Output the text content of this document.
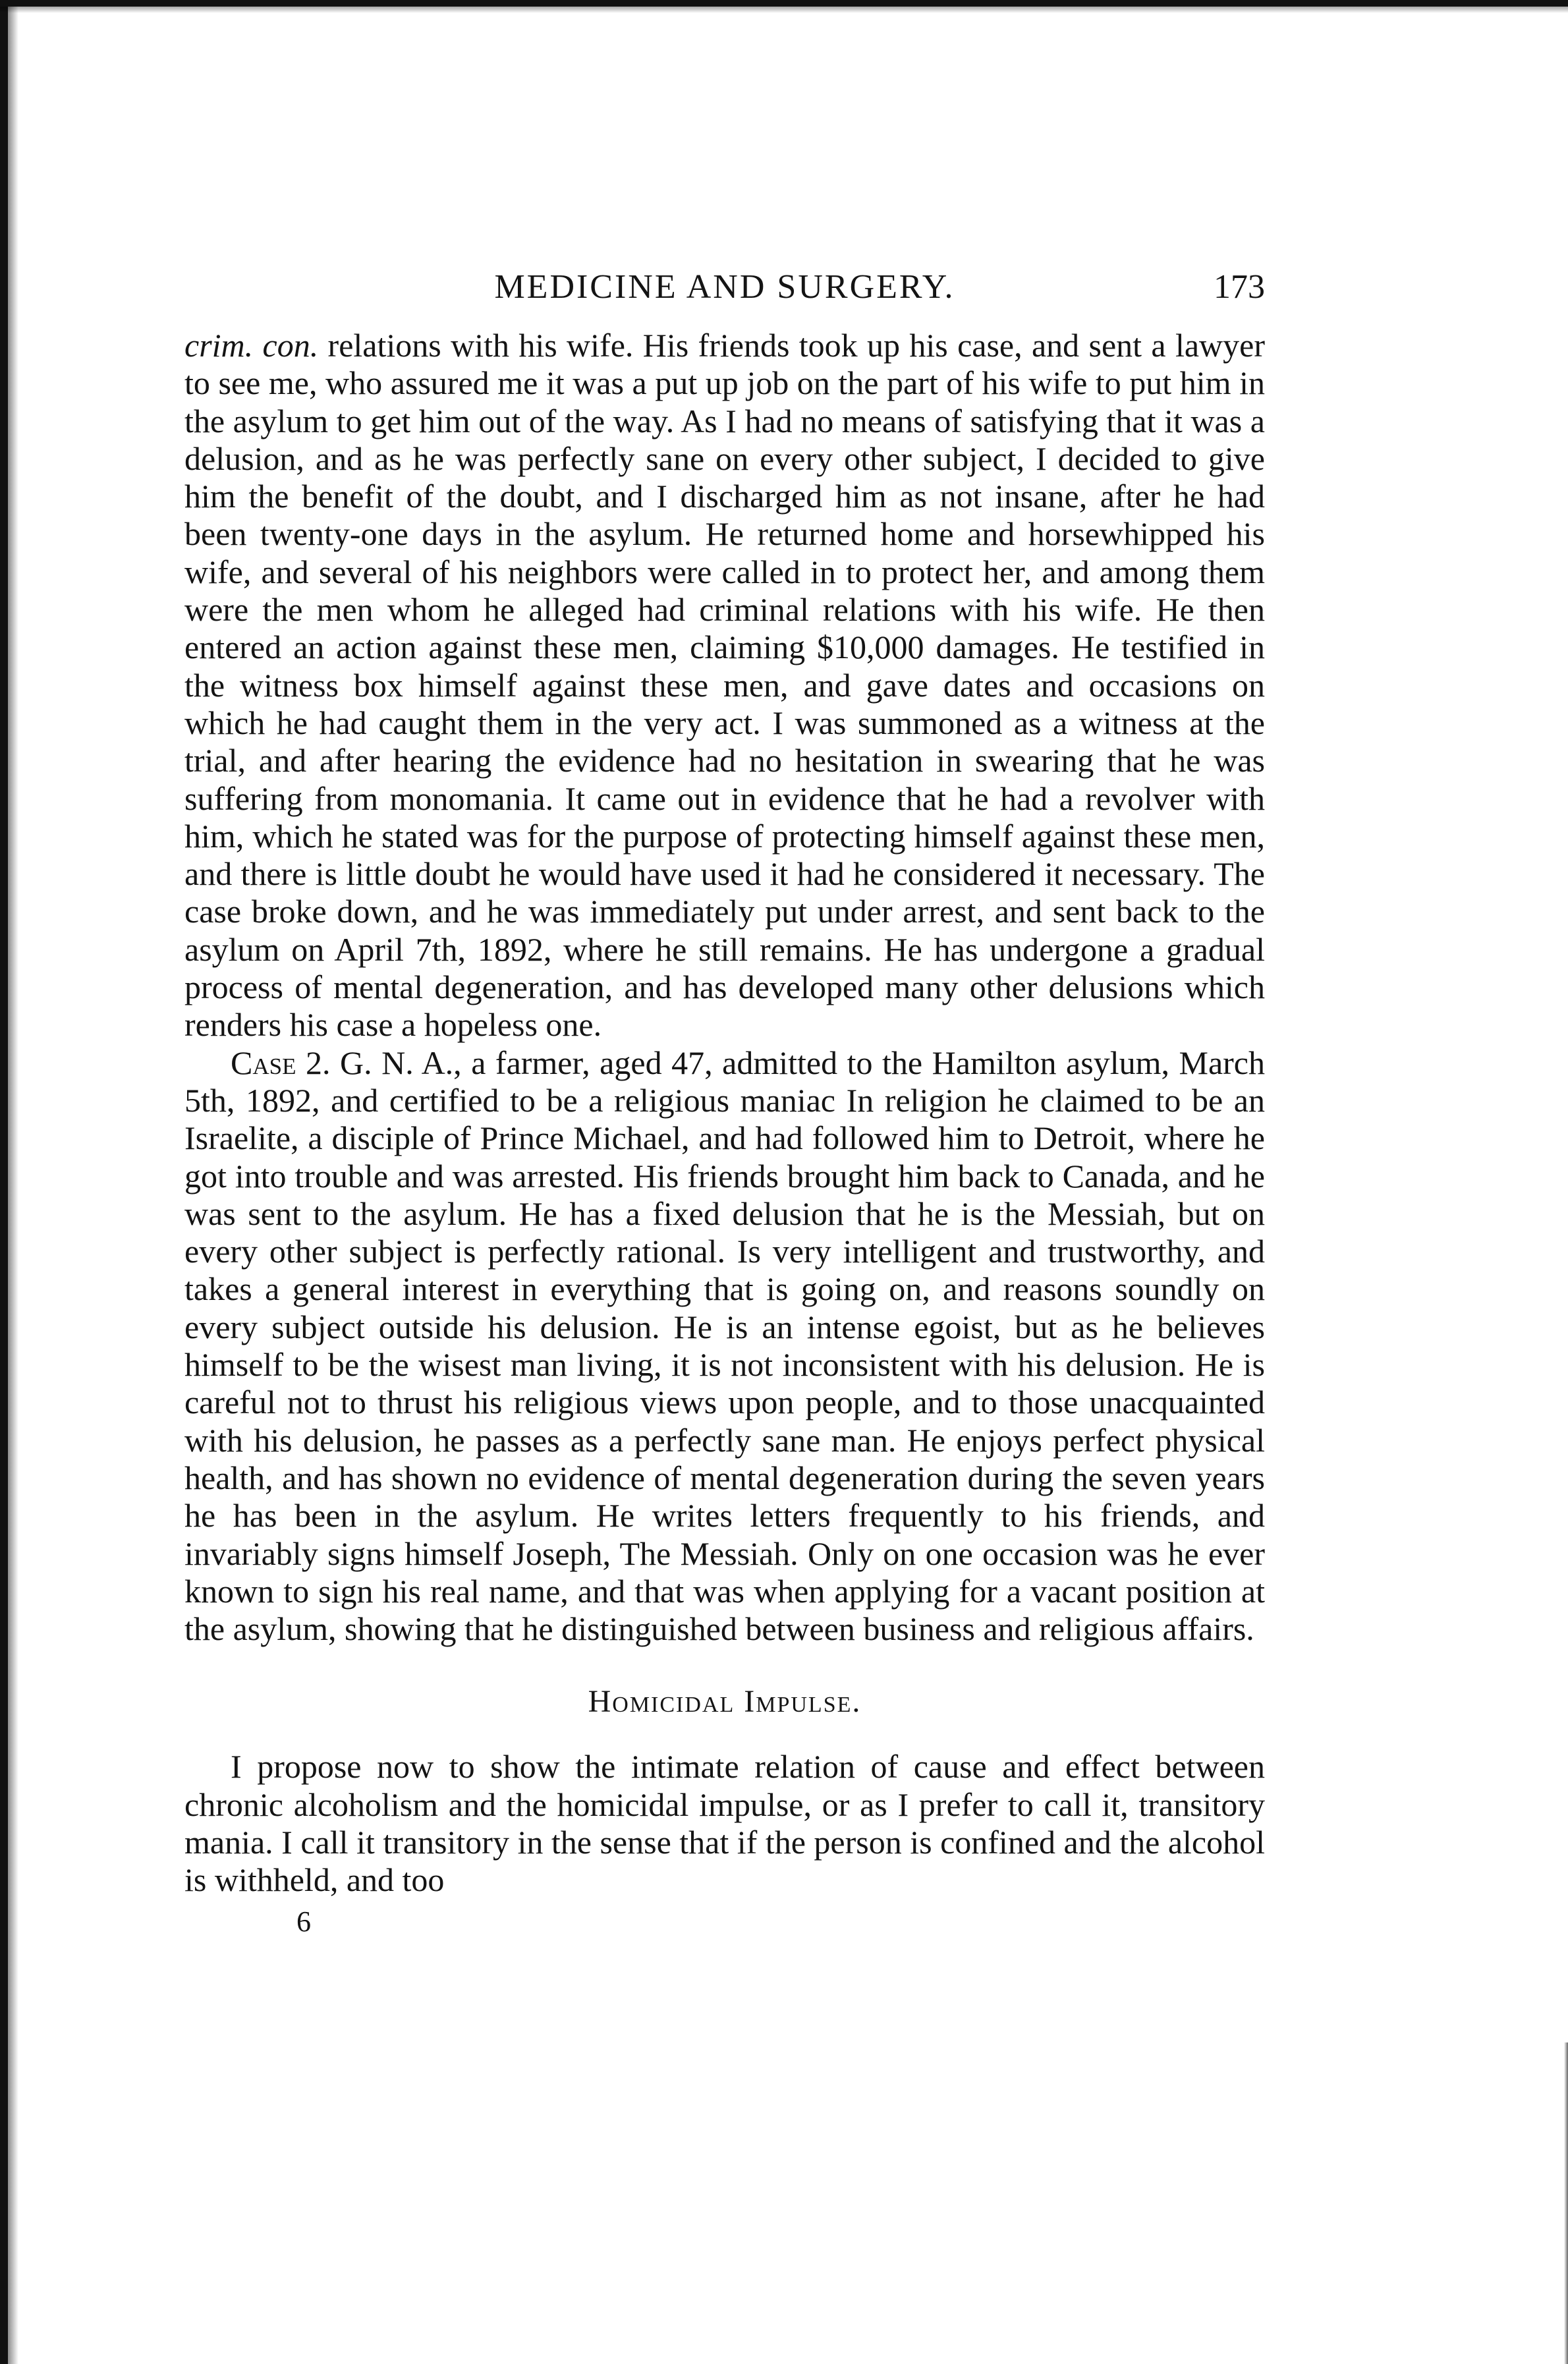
MEDICINE AND SURGERY.	173

crim. con. relations with his wife. His friends took up his case, and sent a lawyer to see me, who assured me it was a put up job on the part of his wife to put him in the asylum to get him out of the way. As I had no means of satisfying that it was a delusion, and as he was perfectly sane on every other subject, I decided to give him the benefit of the doubt, and I discharged him as not insane, after he had been twenty-one days in the asylum. He returned home and horsewhipped his wife, and several of his neighbors were called in to protect her, and among them were the men whom he alleged had criminal relations with his wife. He then entered an action against these men, claiming $10,000 damages. He testified in the witness box himself against these men, and gave dates and occasions on which he had caught them in the very act. I was summoned as a witness at the trial, and after hearing the evidence had no hesitation in swearing that he was suffering from monomania. It came out in evidence that he had a revolver with him, which he stated was for the purpose of protecting himself against these men, and there is little doubt he would have used it had he considered it necessary. The case broke down, and he was immediately put under arrest, and sent back to the asylum on April 7th, 1892, where he still remains. He has undergone a gradual process of mental degeneration, and has developed many other delusions which renders his case a hopeless one.

Case 2. G. N. A., a farmer, aged 47, admitted to the Hamilton asylum, March 5th, 1892, and certified to be a religious maniac In religion he claimed to be an Israelite, a disciple of Prince Michael, and had followed him to Detroit, where he got into trouble and was arrested. His friends brought him back to Canada, and he was sent to the asylum. He has a fixed delusion that he is the Messiah, but on every other subject is perfectly rational. Is very intelligent and trustworthy, and takes a general interest in everything that is going on, and reasons soundly on every subject outside his delusion. He is an intense egoist, but as he believes himself to be the wisest man living, it is not inconsistent with his delusion. He is careful not to thrust his religious views upon people, and to those unacquainted with his delusion, he passes as a perfectly sane man. He enjoys perfect physical health, and has shown no evidence of mental degeneration during the seven years he has been in the asylum. He writes letters frequently to his friends, and invariably signs himself Joseph, The Messiah. Only on one occasion was he ever known to sign his real name, and that was when applying for a vacant position at the asylum, showing that he distinguished between business and religious affairs.

Homicidal Impulse.

I propose now to show the intimate relation of cause and effect between chronic alcoholism and the homicidal impulse, or as I prefer to call it, transitory mania. I call it transitory in the sense that if the person is confined and the alcohol is withheld, and too

6
